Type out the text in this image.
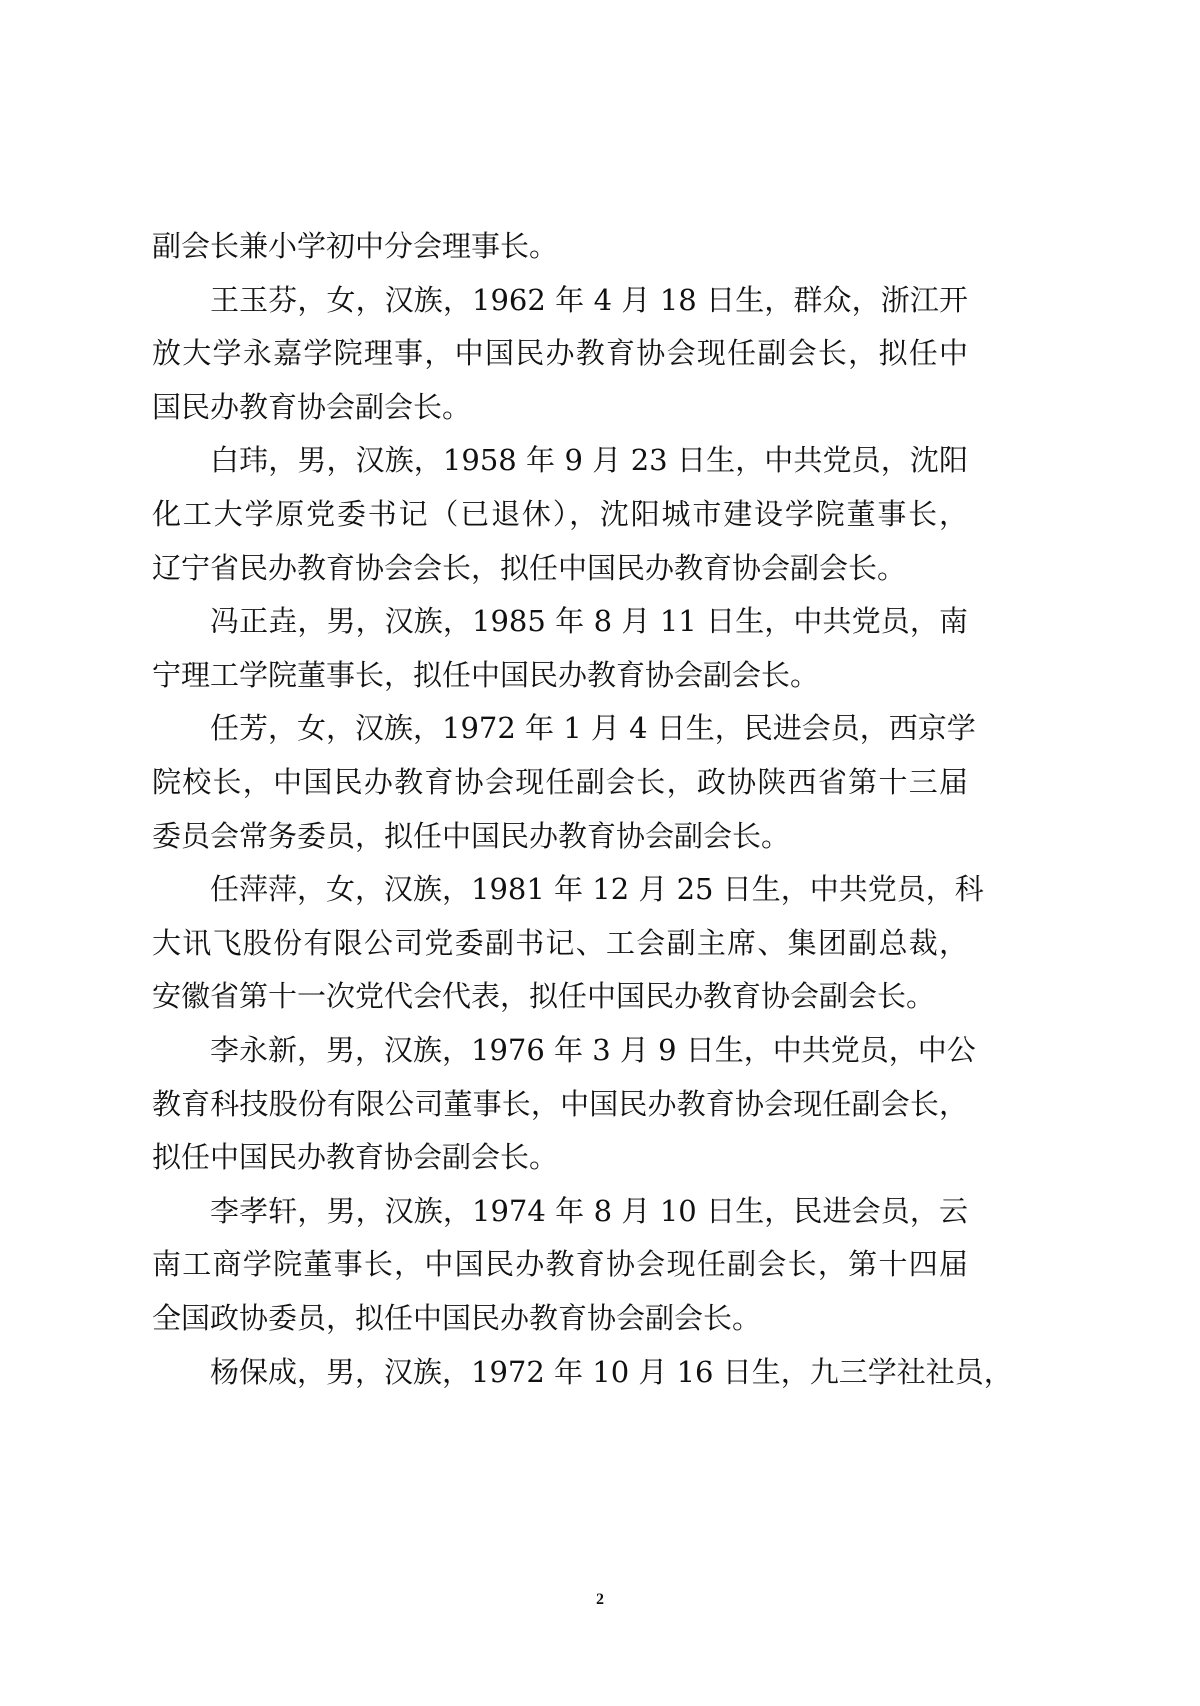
副会长兼小学初中分会理事长。
王玉芬，女，汉族，1962 年 4 月 18 日生，群众，浙江开
放大学永嘉学院理事，中国民办教育协会现任副会长，拟任中
国民办教育协会副会长。
白玮，男，汉族，1958 年 9 月 23 日生，中共党员，沈阳
化工大学原党委书记（已退休），沈阳城市建设学院董事长，
辽宁省民办教育协会会长，拟任中国民办教育协会副会长。
冯正垚，男，汉族，1985 年 8 月 11 日生，中共党员，南
宁理工学院董事长，拟任中国民办教育协会副会长。
任芳，女，汉族，1972 年 1 月 4 日生，民进会员，西京学
院校长，中国民办教育协会现任副会长，政协陕西省第十三届
委员会常务委员，拟任中国民办教育协会副会长。
任萍萍，女，汉族，1981 年 12 月 25 日生，中共党员，科
大讯飞股份有限公司党委副书记、工会副主席、集团副总裁，
安徽省第十一次党代会代表，拟任中国民办教育协会副会长。
李永新，男，汉族，1976 年 3 月 9 日生，中共党员，中公
教育科技股份有限公司董事长，中国民办教育协会现任副会长，
拟任中国民办教育协会副会长。
李孝轩，男，汉族，1974 年 8 月 10 日生，民进会员，云
南工商学院董事长，中国民办教育协会现任副会长，第十四届
全国政协委员，拟任中国民办教育协会副会长。
杨保成，男，汉族，1972 年 10 月 16 日生，九三学社社员，
2
